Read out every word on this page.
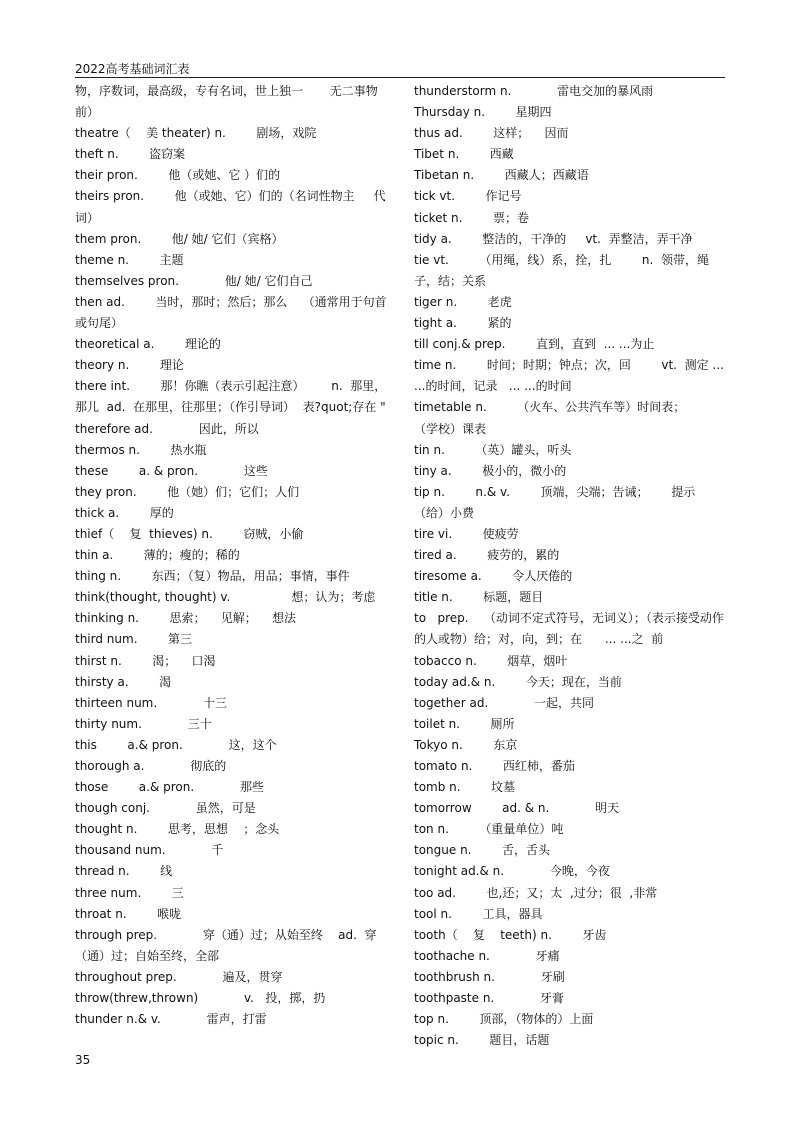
2022高考基础词汇表
物，序数词，最高级，专有名词，世上独一       无二事物前）
theatre（    美 theater) n.        剧场，戏院
theft n.        盗窃案
their pron.        他（或她、它 ）们的
theirs pron.        他（或她、它）们的（名词性物主     代词）
them pron.        他/ 她/ 它们（宾格）
theme n.        主题
themselves pron.            他/ 她/ 它们自己
then ad.        当时，那时；然后；那么    （通常用于句首或句尾）
theoretical a.        理论的
theory n.        理论
there int.        那！你瞧（表示引起注意）       n.  那里，那儿  ad.  在那里，往那里；（作引导词）  表?quot;存在 "
therefore ad.            因此，所以
thermos n.        热水瓶
these        a. & pron.            这些
they pron.        他（她）们；它们；人们
thick a.        厚的
thief（    复  thieves) n.        窃贼，小偷
thin a.        薄的；瘦的；稀的
thing n.        东西；（复）物品，用品；事情，事件
think(thought, thought) v.                想；认为；考虑
thinking n.        思索；    见解；    想法
third num.        第三
thirst n.        渴；    口渴
thirsty a.        渴
thirteen num.            十三
thirty num.            三十
this        a.& pron.            这，这个
thorough a.            彻底的
those        a.& pron.            那些
though conj.            虽然，可是
thought n.        思考，思想    ；念头
thousand num.            千
thread n.        线
three num.        三
throat n.        喉咙
through prep.            穿（通）过；从始至终    ad.  穿（通）过；自始至终，全部
throughout prep.            遍及，贯穿
throw(threw,thrown)            v.   投，掷，扔
thunder n.& v.            雷声，打雷
thunderstorm n.            雷电交加的暴风雨
Thursday n.        星期四
thus ad.        这样；    因而
Tibet n.        西藏
Tibetan n.        西藏人；西藏语
tick vt.        作记号
ticket n.        票；卷
tidy a.        整洁的，干净的     vt.  弄整洁，弄干净
tie vt.        （用绳，线）系，拴，扎        n.  领带，绳子，结；关系
tiger n.        老虎
tight a.        紧的
till conj.& prep.        直到，直到  ... ...为止
time n.        时间；时期；钟点；次，回        vt.  测定 ... ...的时间，记录   ... ...的时间
timetable n.        （火车、公共汽车等）时间表；       （学校）课表
tin n.        （英）罐头，听头
tiny a.        极小的，微小的
tip n.        n.& v.        顶端，尖端；告诫；      提示 （给）小费
tire vi.        使疲劳
tired a.        疲劳的，累的
tiresome a.        令人厌倦的
title n.        标题，题目
to   prep.    （动词不定式符号，无词义）；（表示接受动作的人或物）给；对，向，到；在      ... ...之  前
tobacco n.        烟草，烟叶
today ad.& n.        今天；现在，当前
together ad.            一起，共同
toilet n.        厕所
Tokyo n.        东京
tomato n.        西红柿，番茄
tomb n.        坟墓
tomorrow        ad. & n.            明天
ton n.        （重量单位）吨
tongue n.        舌，舌头
tonight ad.& n.            今晚，今夜
too ad.        也,还；又；太  ,过分；很  ,非常
tool n.        工具，器具
tooth（    复    teeth) n.        牙齿
toothache n.            牙痛
toothbrush n.            牙刷
toothpaste n.            牙膏
top n.        顶部，（物体的）上面
topic n.        题目，话题
35
